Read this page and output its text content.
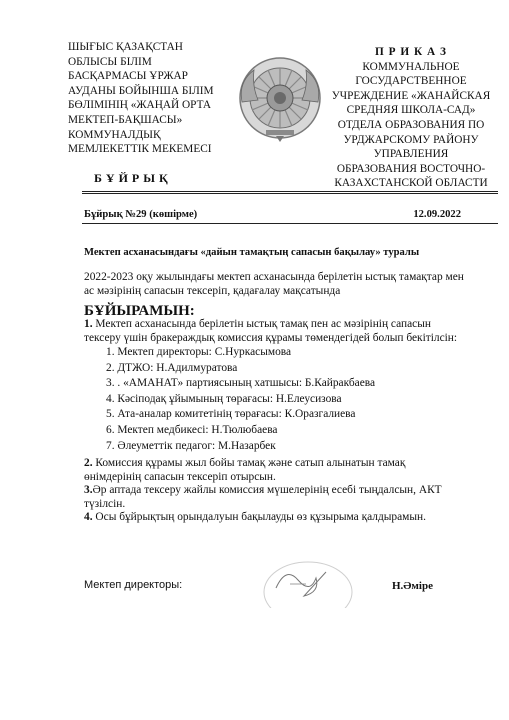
ШЫҒЫС ҚАЗАҚСТАН
ОБЛЫСЫ БІЛІМ
БАСҚАРМАСЫ ҰРЖАР
АУДАНЫ БОЙЫНША БІЛІМ
БӨЛІМІНІҢ «ЖАҢАЙ ОРТА
МЕКТЕП-БАҚШАСЫ»
КОММУНАЛДЫҚ
МЕМЛЕКЕТТІК МЕКЕМЕСІ
БҰЙРЫҚ
П Р И К А З
КОММУНАЛЬНОЕ
ГОСУДАРСТВЕННОЕ
УЧРЕЖДЕНИЕ «ЖАНАЙСКАЯ
СРЕДНЯЯ ШКОЛА-САД»
ОТДЕЛА ОБРАЗОВАНИЯ ПО
УРДЖАРСКОМУ РАЙОНУ
УПРАВЛЕНИЯ
ОБРАЗОВАНИЯ ВОСТОЧНО-
КАЗАХСТАНСКОЙ ОБЛАСТИ
Бұйрық №29 (көшірме)	12.09.2022
Мектеп асханасындағы «дайын тамақтың сапасын бақылау» туралы
2022-2023 оқу жылындағы мектеп асханасында берілетін ыстық тамақтар мен
ас мәзірінің сапасын тексеріп, қадағалау мақсатында
БҰЙЫРАМЫН:
1. Мектеп асханасында берілетін ыстық тамақ пен ас мәзірінің сапасын
тексеру үшін бракераждық комиссия құрамы төмендегідей болып бекітілсін:
1. Мектеп директоры: С.Нуркасымова
2. ДТЖО: Н.Адилмуратова
3. . «АМАНАТ» партиясының хатшысы: Б.Кайракбаева
4. Кәсіподақ ұйымының төрағасы: Н.Елеусизова
5. Ата-аналар комитетінің төрағасы: К.Оразгалиева
6. Мектеп медбикесі: Н.Тюлюбаева
7. Әлеуметтік педагог: М.Назарбек
2. Комиссия құрамы жыл бойы тамақ және сатып алынатын тамақ
өнімдерінің сапасын тексеріп отырсын.
3.Әр аптада тексеру жайлы комиссия мүшелерінің есебі тыңдалсын, АКТ
түзілсін.
4. Осы бұйрықтың орындалуын бақылауды өз құзырыма қалдырамын.
Мектеп директоры:	Н.Әміре
